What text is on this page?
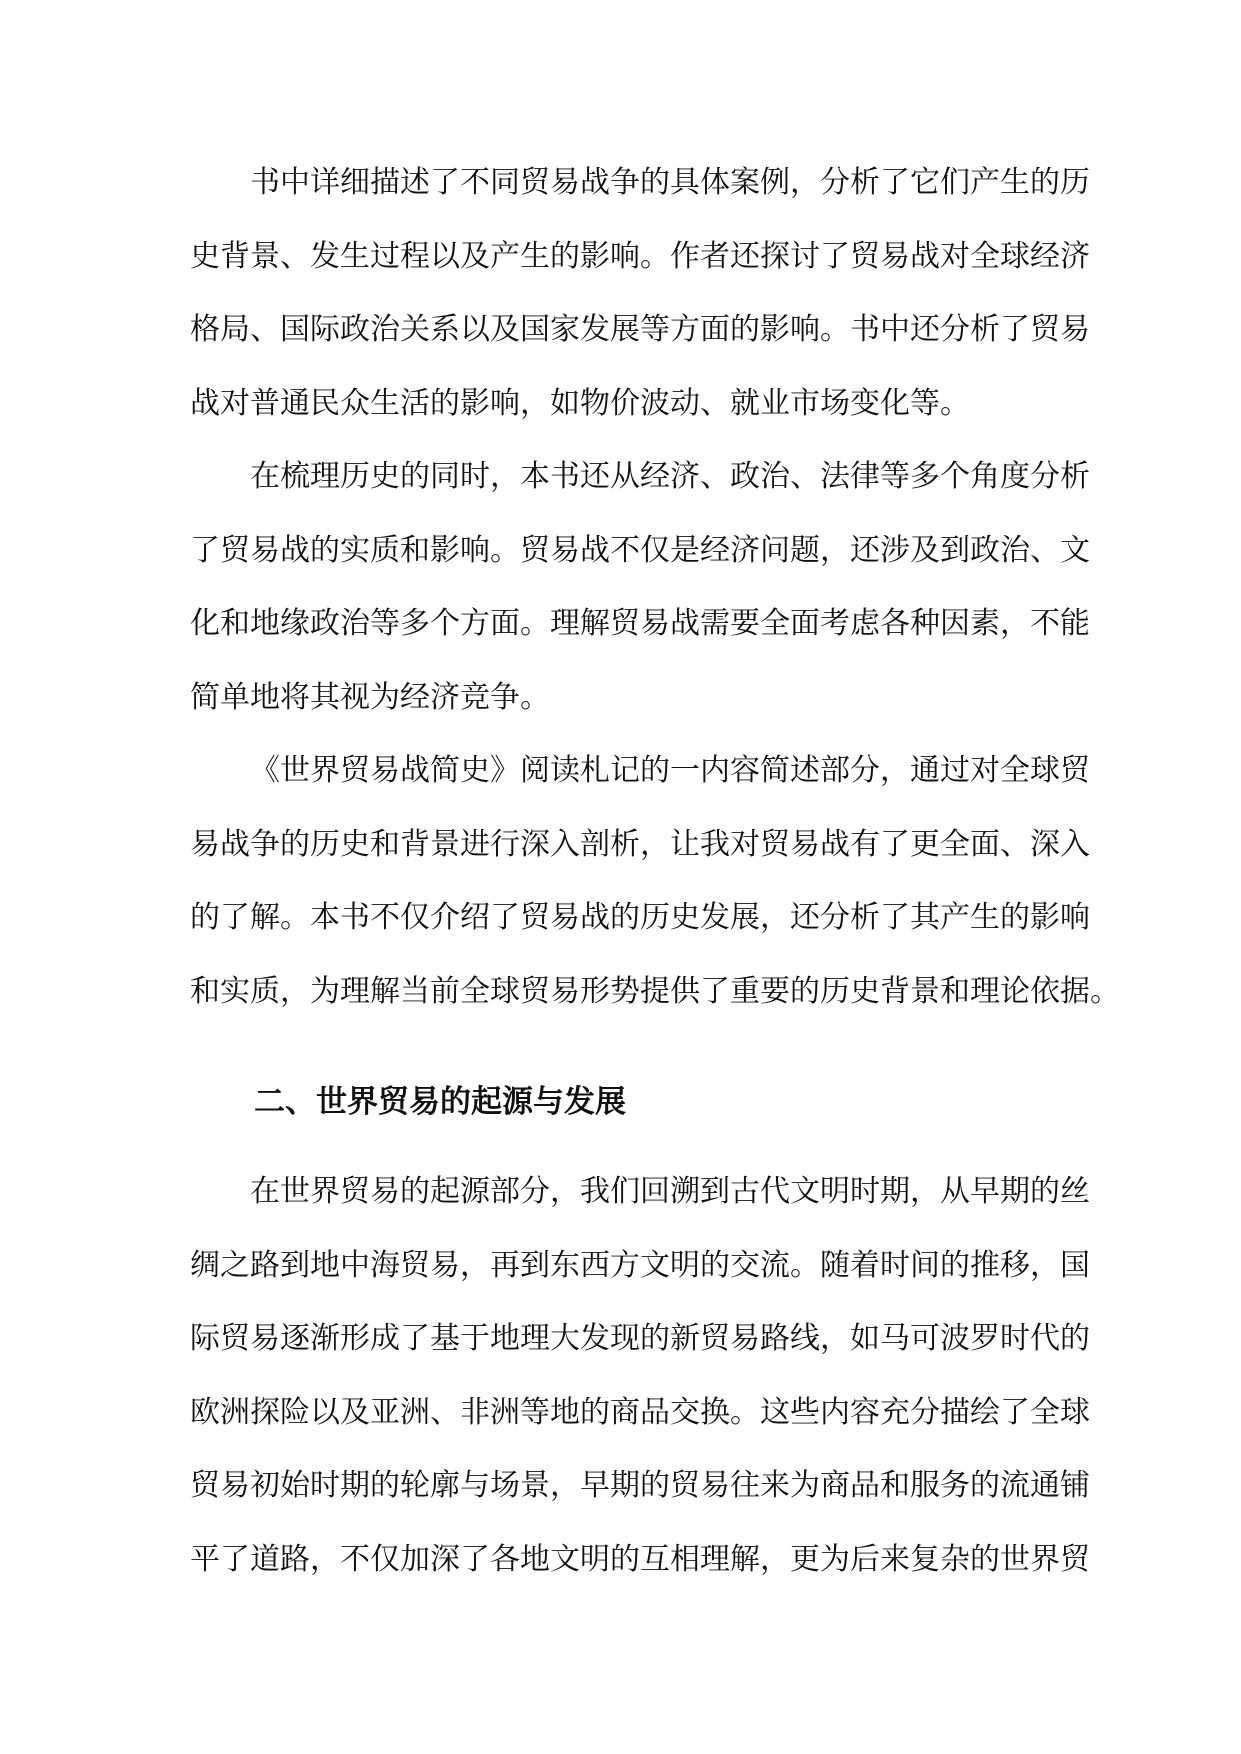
书中详细描述了不同贸易战争的具体案例，分析了它们产生的历
史背景、发生过程以及产生的影响。作者还探讨了贸易战对全球经济
格局、国际政治关系以及国家发展等方面的影响。书中还分析了贸易
战对普通民众生活的影响，如物价波动、就业市场变化等。
在梳理历史的同时，本书还从经济、政治、法律等多个角度分析
了贸易战的实质和影响。贸易战不仅是经济问题，还涉及到政治、文
化和地缘政治等多个方面。理解贸易战需要全面考虑各种因素，不能
简单地将其视为经济竞争。
《世界贸易战简史》阅读札记的一内容简述部分，通过对全球贸
易战争的历史和背景进行深入剖析，让我对贸易战有了更全面、深入
的了解。本书不仅介绍了贸易战的历史发展，还分析了其产生的影响
和实质，为理解当前全球贸易形势提供了重要的历史背景和理论依据。
二、世界贸易的起源与发展
在世界贸易的起源部分，我们回溯到古代文明时期，从早期的丝
绸之路到地中海贸易，再到东西方文明的交流。随着时间的推移，国
际贸易逐渐形成了基于地理大发现的新贸易路线，如马可波罗时代的
欧洲探险以及亚洲、非洲等地的商品交换。这些内容充分描绘了全球
贸易初始时期的轮廓与场景，早期的贸易往来为商品和服务的流通铺
平了道路，不仅加深了各地文明的互相理解，更为后来复杂的世界贸
